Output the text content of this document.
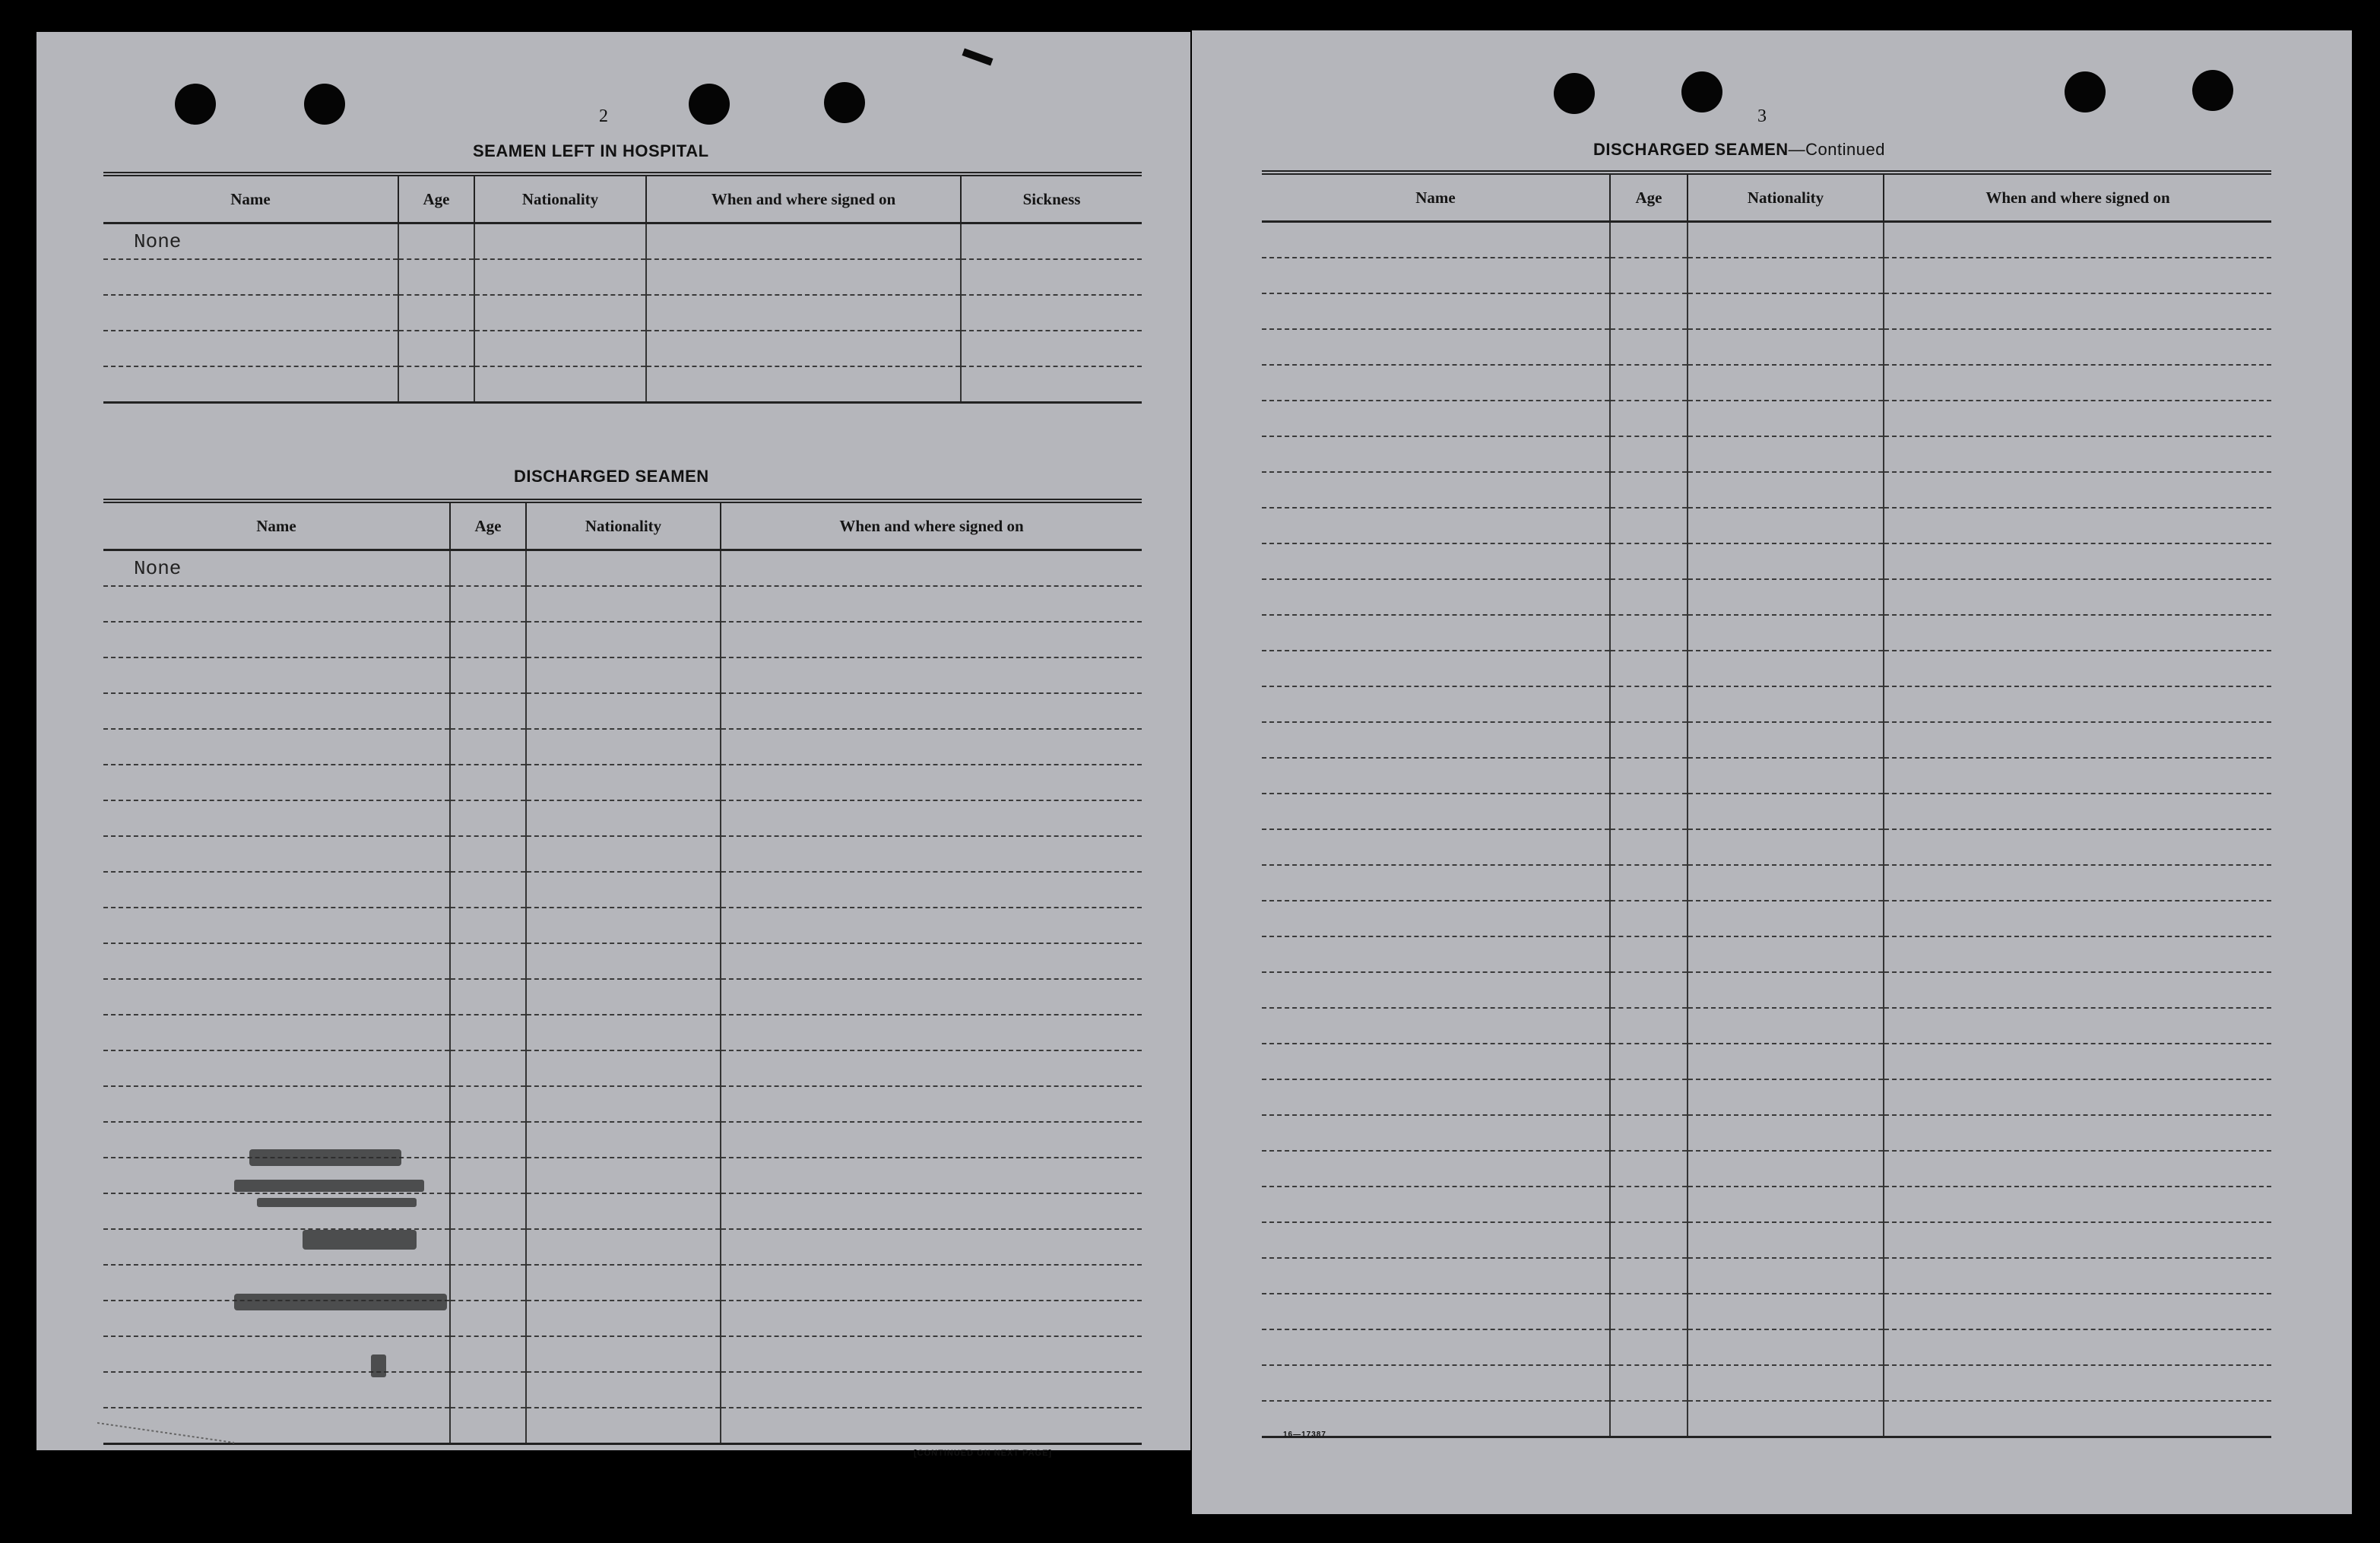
2
SEAMEN LEFT IN HOSPITAL
Name	Age	Nationality	When and where signed on	Sickness
None				

DISCHARGED SEAMEN
Name	Age	Nationality	When and where signed on
None			

[CONTINUED ON NEXT PAGE]
3
DISCHARGED SEAMEN—Continued
Name	Age	Nationality	When and where signed on

16—17387
